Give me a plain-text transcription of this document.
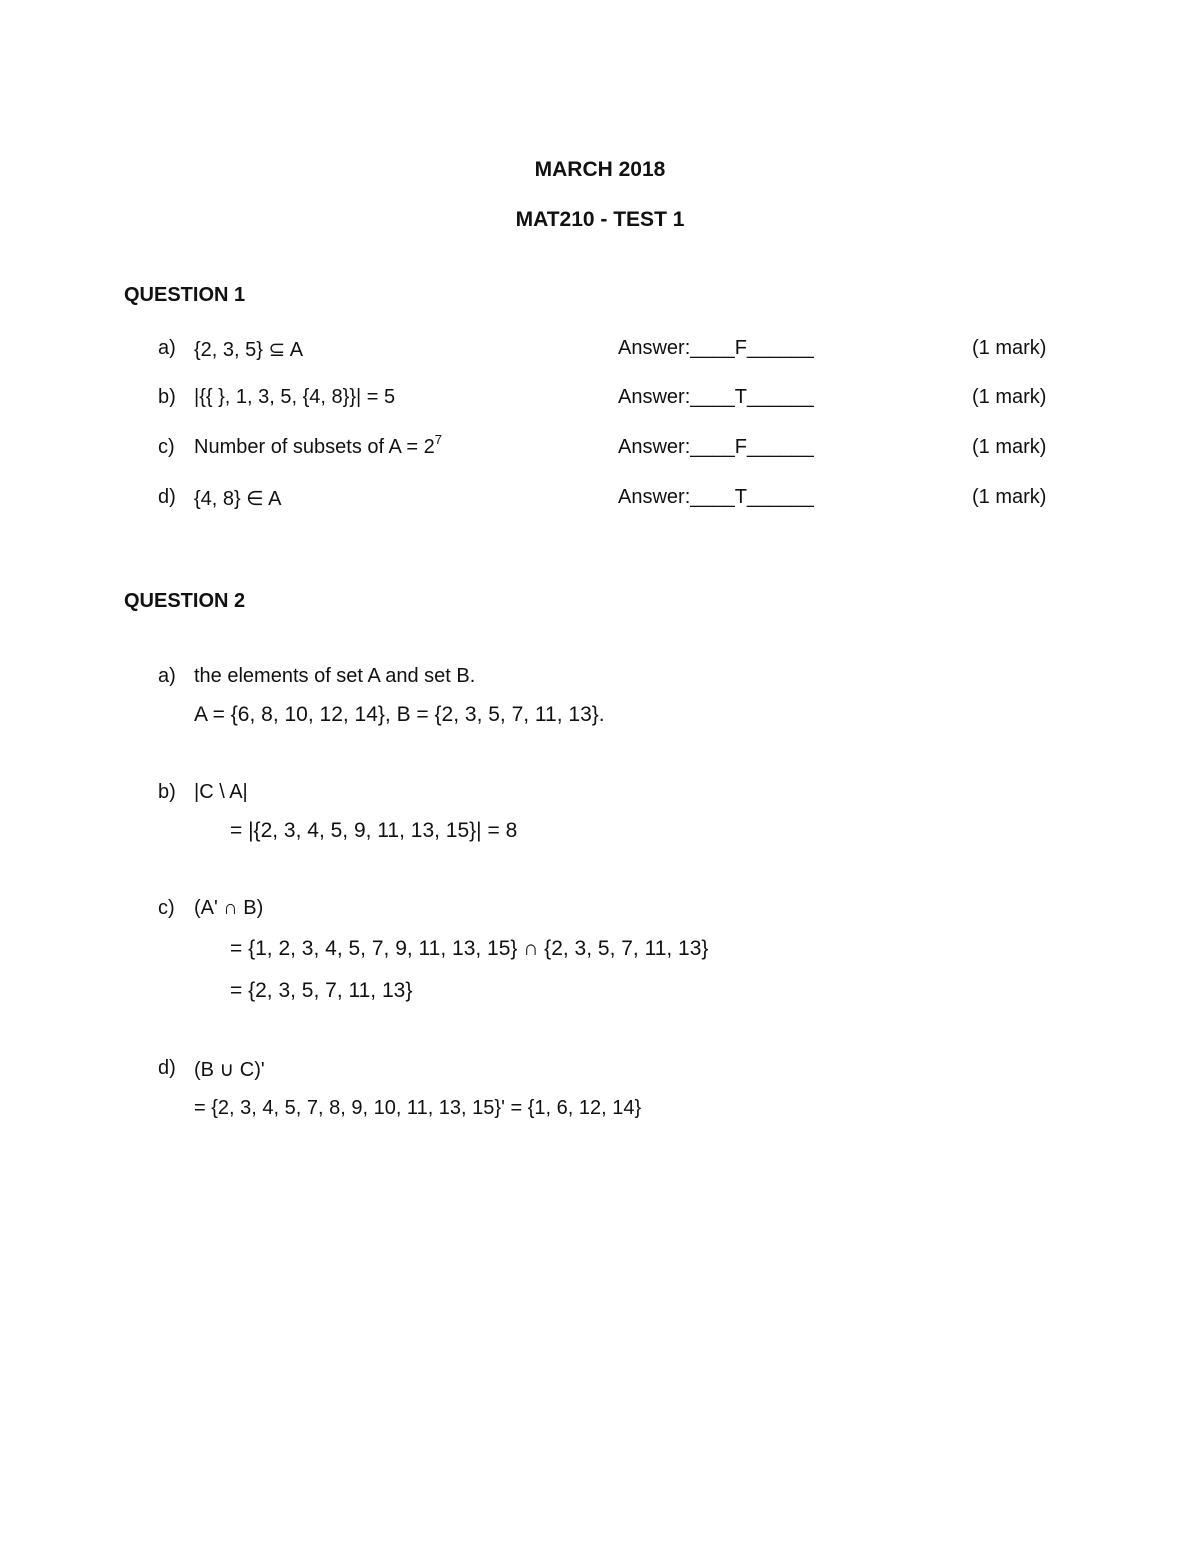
MARCH 2018
MAT210 - TEST 1
QUESTION 1
a) {2, 3, 5} ⊆ A	Answer:____F______	(1 mark)
b) |{{ }, 1, 3, 5, {4, 8}}| = 5	Answer:____T______	(1 mark)
c) Number of subsets of $A = 2^7$	Answer:____F______	(1 mark)
d) {4, 8} ∈ A	Answer:____T______	(1 mark)
QUESTION 2
a) the elements of set A and set B.
A = {6, 8, 10, 12, 14}, B = {2, 3, 5, 7, 11, 13}.
b) |C \ A|
= |{2, 3, 4, 5, 9, 11, 13, 15}| = 8
c) (A' ∩ B)
= {1, 2, 3, 4, 5, 7, 9, 11, 13, 15} ∩ {2, 3, 5, 7, 11, 13}
= {2, 3, 5, 7, 11, 13}
d) (B ∪ C)'
= {2, 3, 4, 5, 7, 8, 9, 10, 11, 13, 15}' = {1, 6, 12, 14}
